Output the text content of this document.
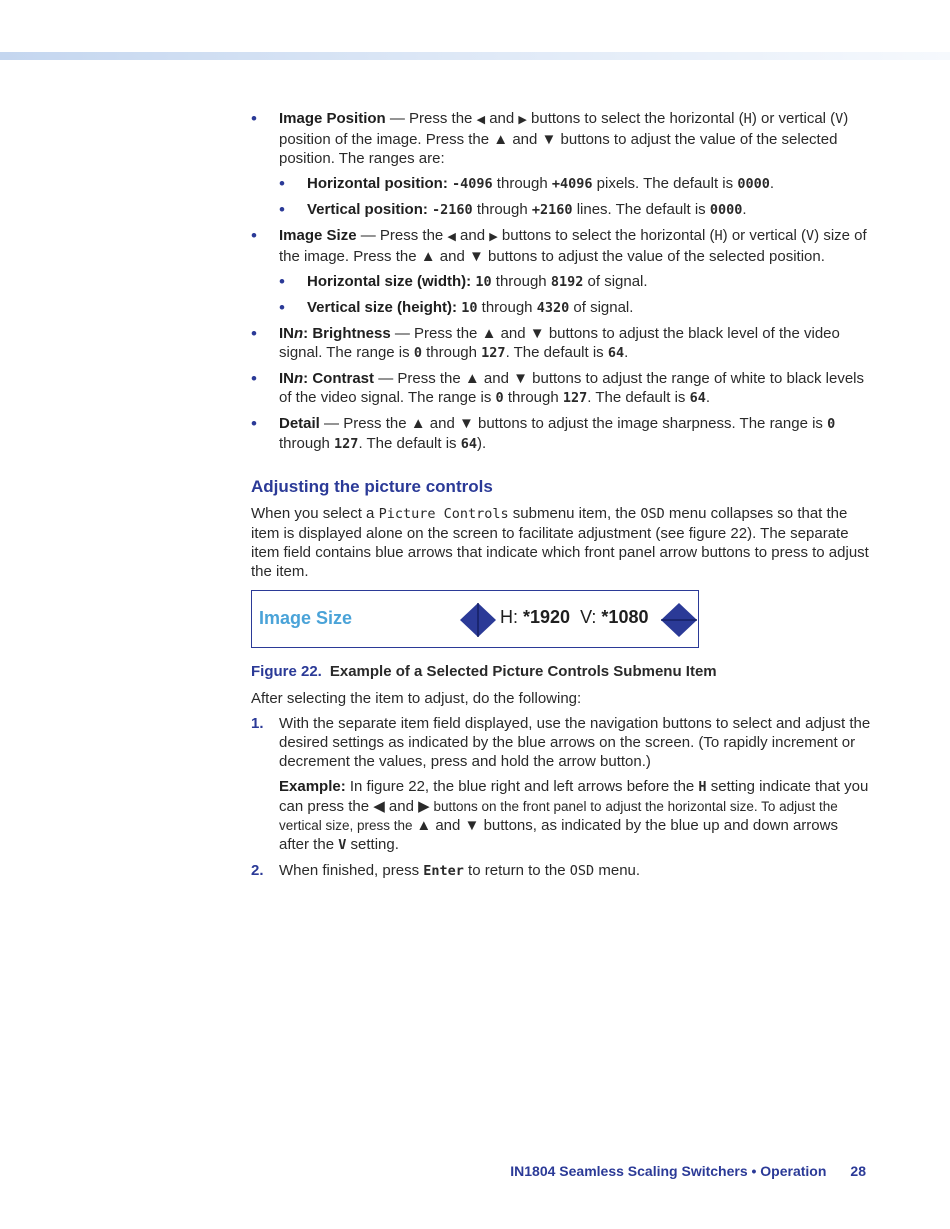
• Image Position — Press the ◀ and ▶ buttons to select the horizontal (H) or vertical (V) position of the image. Press the ▲ and ▼ buttons to adjust the value of the selected position. The ranges are:
• Horizontal position: -4096 through +4096 pixels. The default is 0000.
• Vertical position: -2160 through +2160 lines. The default is 0000.
• Image Size — Press the ◀ and ▶ buttons to select the horizontal (H) or vertical (V) size of the image. Press the ▲ and ▼ buttons to adjust the value of the selected position.
• Horizontal size (width): 10 through 8192 of signal.
• Vertical size (height): 10 through 4320 of signal.
• INn: Brightness — Press the ▲ and ▼ buttons to adjust the black level of the video signal. The range is 0 through 127. The default is 64.
• INn: Contrast — Press the ▲ and ▼ buttons to adjust the range of white to black levels of the video signal. The range is 0 through 127. The default is 64.
• Detail — Press the ▲ and ▼ buttons to adjust the image sharpness. The range is 0 through 127. The default is 64).
Adjusting the picture controls

When you select a Picture Controls submenu item, the OSD menu collapses so that the item is displayed alone on the screen to facilitate adjustment (see figure 22). The separate item field contains blue arrows that indicate which front panel arrow buttons to press to adjust the item.

Image Size	H: *1920 V: *1080

Figure 22. Example of a Selected Picture Controls Submenu Item

After selecting the item to adjust, do the following:

1. With the separate item field displayed, use the navigation buttons to select and adjust the desired settings as indicated by the blue arrows on the screen. (To rapidly increment or decrement the values, press and hold the arrow button.)
Example: In figure 22, the blue right and left arrows before the H setting indicate that you can press the ◀ and ▶ buttons on the front panel to adjust the horizontal size. To adjust the vertical size, press the ▲ and ▼ buttons, as indicated by the blue up and down arrows after the V setting.
2. When finished, press Enter to return to the OSD menu.
IN1804 Seamless Scaling Switchers • Operation 28
